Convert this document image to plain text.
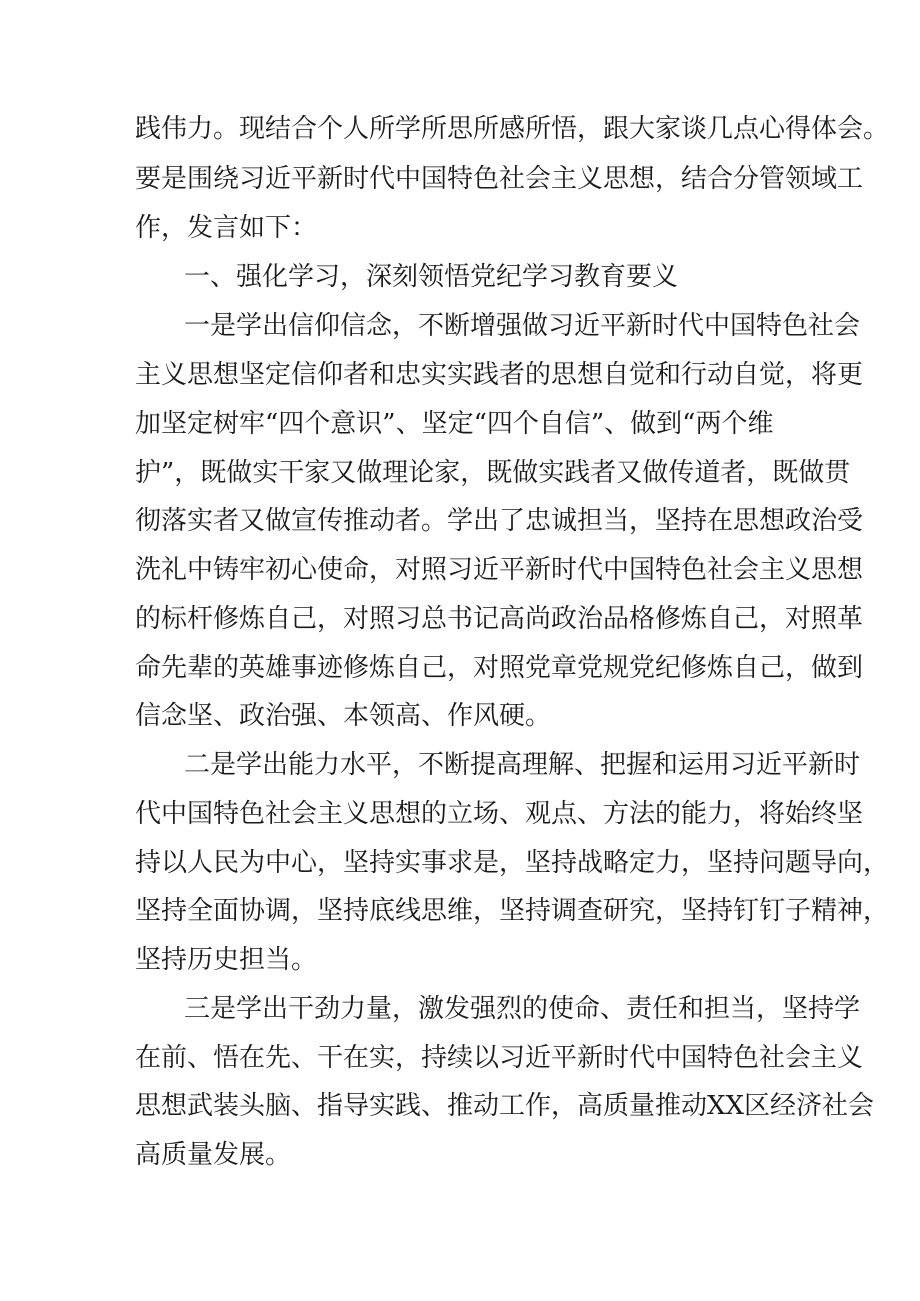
践伟力。现结合个人所学所思所感所悟，跟大家谈几点心得体会。
要是围绕习近平新时代中国特色社会主义思想，结合分管领域工
作，发言如下：
一、强化学习，深刻领悟党纪学习教育要义
一是学出信仰信念，不断增强做习近平新时代中国特色社会
主义思想坚定信仰者和忠实实践者的思想自觉和行动自觉，将更
加坚定树牢“四个意识”、坚定“四个自信”、做到“两个维
护”，既做实干家又做理论家，既做实践者又做传道者，既做贯
彻落实者又做宣传推动者。学出了忠诚担当，坚持在思想政治受
洗礼中铸牢初心使命，对照习近平新时代中国特色社会主义思想
的标杆修炼自己，对照习总书记高尚政治品格修炼自己，对照革
命先辈的英雄事迹修炼自己，对照党章党规党纪修炼自己，做到
信念坚、政治强、本领高、作风硬。
二是学出能力水平，不断提高理解、把握和运用习近平新时
代中国特色社会主义思想的立场、观点、方法的能力，将始终坚
持以人民为中心，坚持实事求是，坚持战略定力，坚持问题导向，
坚持全面协调，坚持底线思维，坚持调查研究，坚持钉钉子精神，
坚持历史担当。
三是学出干劲力量，激发强烈的使命、责任和担当，坚持学
在前、悟在先、干在实，持续以习近平新时代中国特色社会主义
思想武装头脑、指导实践、推动工作，高质量推动XX区经济社会
高质量发展。
